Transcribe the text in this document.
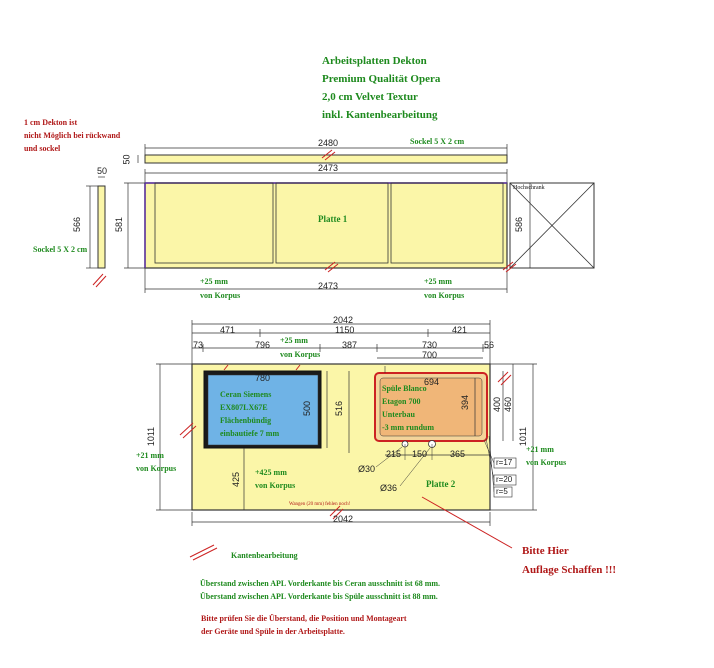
Arbeitsplatten Dekton
Premium Qualität Opera
2,0 cm Velvet Textur
inkl. Kantenbearbeitung
1 cm Dekton ist
nicht Möglich bei rückwand
und sockel
2480
50
Sockel 5 X 2 cm
2473
50
566	581
Sockel 5 X 2 cm
Platte 1
Hochschrank
586
2473
+25 mm
von Korpus
+25 mm
von Korpus
2042
471	1150	421
+25 mm
von Korpus
73	796	387	730	56
700
780	694
500 516	394 400 460
1011	1011
425
215 150	365
Ø30
Ø36
r=17
r=20
r=5
Ceran Siemens
EX807LX67E
Flächenbündig
einbautiefe 7 mm
Spüle Blanco
Etagon 700
Unterbau
-3 mm rundum
+21 mm
von Korpus
+21 mm
von Korpus
+425 mm
von Korpus	Platte 2
Wangen (20 mm) fehlen noch!
2042
Kantenbearbeitung	Bitte Hier
Auflage Schaffen !!!
Überstand zwischen APL Vorderkante bis Ceran ausschnitt ist 68 mm.
Überstand zwischen APL Vorderkante bis Spüle ausschnitt ist 88 mm.
Bitte prüfen Sie die Überstand, die Position und Montageart
der Geräte und Spüle in der Arbeitsplatte.
